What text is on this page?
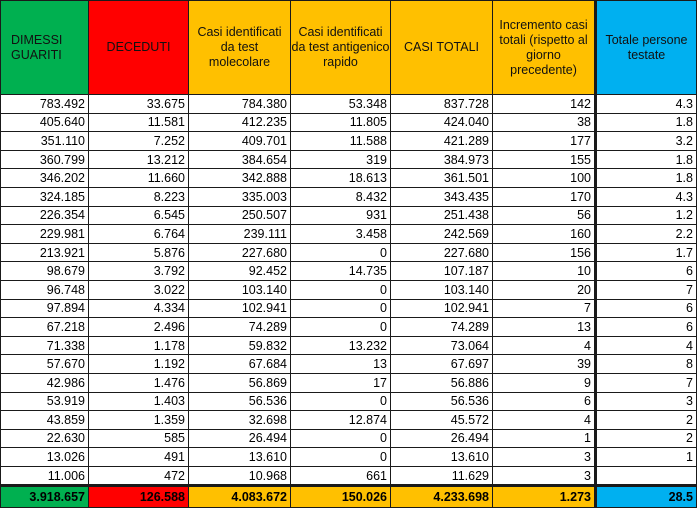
DIMESSI GUARITI	DECEDUTI	Casi identificati da test molecolare	Casi identificati da test antigenico rapido	CASI TOTALI	Incremento casi totali (rispetto al giorno precedente)	Totale persone testate
783.492	33.675	784.380	53.348	837.728	142	4.3
405.640	11.581	412.235	11.805	424.040	38	1.8
351.110	7.252	409.701	11.588	421.289	177	3.2
360.799	13.212	384.654	319	384.973	155	1.8
346.202	11.660	342.888	18.613	361.501	100	1.8
324.185	8.223	335.003	8.432	343.435	170	4.3
226.354	6.545	250.507	931	251.438	56	1.2
229.981	6.764	239.111	3.458	242.569	160	2.2
213.921	5.876	227.680	0	227.680	156	1.7
98.679	3.792	92.452	14.735	107.187	10	6
96.748	3.022	103.140	0	103.140	20	7
97.894	4.334	102.941	0	102.941	7	6
67.218	2.496	74.289	0	74.289	13	6
71.338	1.178	59.832	13.232	73.064	4	4
57.670	1.192	67.684	13	67.697	39	8
42.986	1.476	56.869	17	56.886	9	7
53.919	1.403	56.536	0	56.536	6	3
43.859	1.359	32.698	12.874	45.572	4	2
22.630	585	26.494	0	26.494	1	2
13.026	491	13.610	0	13.610	3	1
11.006	472	10.968	661	11.629	3	
3.918.657	126.588	4.083.672	150.026	4.233.698	1.273	28.5
